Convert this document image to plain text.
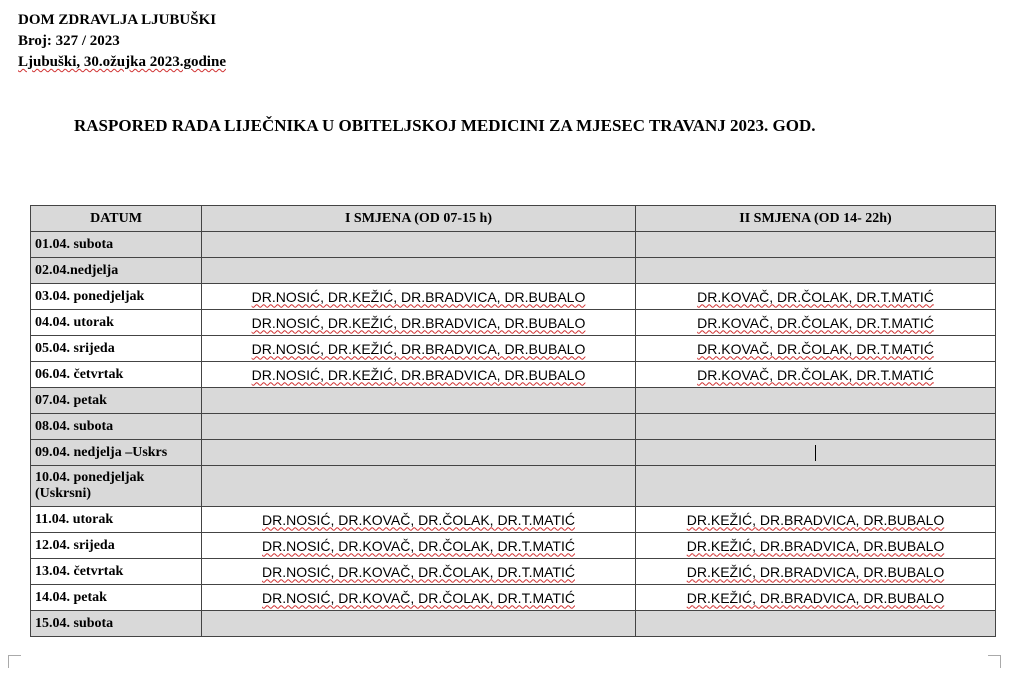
DOM ZDRAVLJA LJUBUŠKI
Broj: 327 / 2023
Ljubuški, 30.ožujka 2023.godine
RASPORED RADA LIJEČNIKA U OBITELJSKOJ MEDICINI ZA MJESEC TRAVANJ 2023. GOD.
DATUM	I SMJENA (OD 07-15 h)	II SMJENA (OD 14- 22h)
01.04. subota		
02.04.nedjelja		
03.04. ponedjeljak	DR.NOSIĆ, DR.KEŽIĆ, DR.BRADVICA, DR.BUBALO	DR.KOVAČ, DR.ČOLAK, DR.T.MATIĆ
04.04. utorak	DR.NOSIĆ, DR.KEŽIĆ, DR.BRADVICA, DR.BUBALO	DR.KOVAČ, DR.ČOLAK, DR.T.MATIĆ
05.04. srijeda	DR.NOSIĆ, DR.KEŽIĆ, DR.BRADVICA, DR.BUBALO	DR.KOVAČ, DR.ČOLAK, DR.T.MATIĆ
06.04. četvrtak	DR.NOSIĆ, DR.KEŽIĆ, DR.BRADVICA, DR.BUBALO	DR.KOVAČ, DR.ČOLAK, DR.T.MATIĆ
07.04. petak		
08.04. subota		
09.04. nedjelja –Uskrs		
10.04. ponedjeljak (Uskrsni)		
11.04. utorak	DR.NOSIĆ, DR.KOVAČ, DR.ČOLAK, DR.T.MATIĆ	DR.KEŽIĆ, DR.BRADVICA, DR.BUBALO
12.04. srijeda	DR.NOSIĆ, DR.KOVAČ, DR.ČOLAK, DR.T.MATIĆ	DR.KEŽIĆ, DR.BRADVICA, DR.BUBALO
13.04. četvrtak	DR.NOSIĆ, DR.KOVAČ, DR.ČOLAK, DR.T.MATIĆ	DR.KEŽIĆ, DR.BRADVICA, DR.BUBALO
14.04. petak	DR.NOSIĆ, DR.KOVAČ, DR.ČOLAK, DR.T.MATIĆ	DR.KEŽIĆ, DR.BRADVICA, DR.BUBALO
15.04. subota		
